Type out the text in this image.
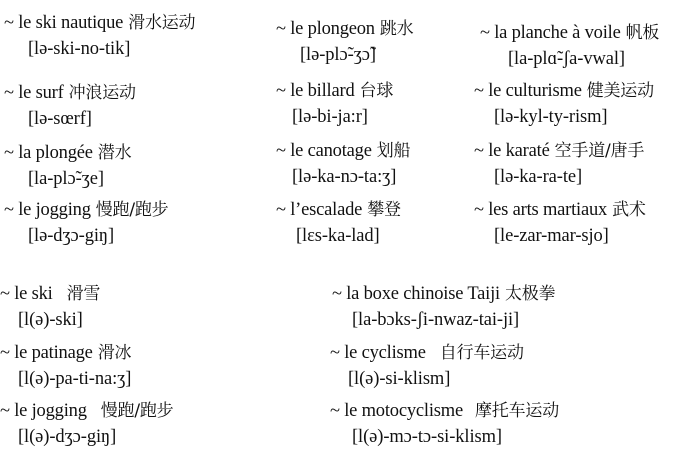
~ le ski nautique 滑水运动
[lə-ski-no-tik]
~ le surf 冲浪运动
[lə-sœrf]
~ la plongée 潜水
[la-plɔ̃-ʒe]
~ le jogging 慢跑/跑步
[lə-dʒɔ-giŋ]
~ le plongeon 跳水
[lə-plɔ̃-ʒɔ̃]
~ le billard 台球
[lə-bi-ja:r]
~ le canotage 划船
[lə-ka-nɔ-ta:ʒ]
~ l’escalade 攀登
[lɛs-ka-lad]
~ la planche à voile 帆板
[la-plɑ̃-ʃa-vwal]
~ le culturisme 健美运动
[lə-kyl-ty-rism]
~ le karaté 空手道/唐手
[lə-ka-ra-te]
~ les arts martiaux 武术
[le-zar-mar-sjo]
~ le ski 滑雪
[l(ə)-ski]
~ le patinage 滑冰
[l(ə)-pa-ti-na:ʒ]
~ le jogging 慢跑/跑步
[l(ə)-dʒɔ-giŋ]
~ la boxe chinoise Taiji 太极拳
[la-bɔks-ʃi-nwaz-tai-ji]
~ le cyclisme 自行车运动
[l(ə)-si-klism]
~ le motocyclisme 摩托车运动
[l(ə)-mɔ-tɔ-si-klism]
